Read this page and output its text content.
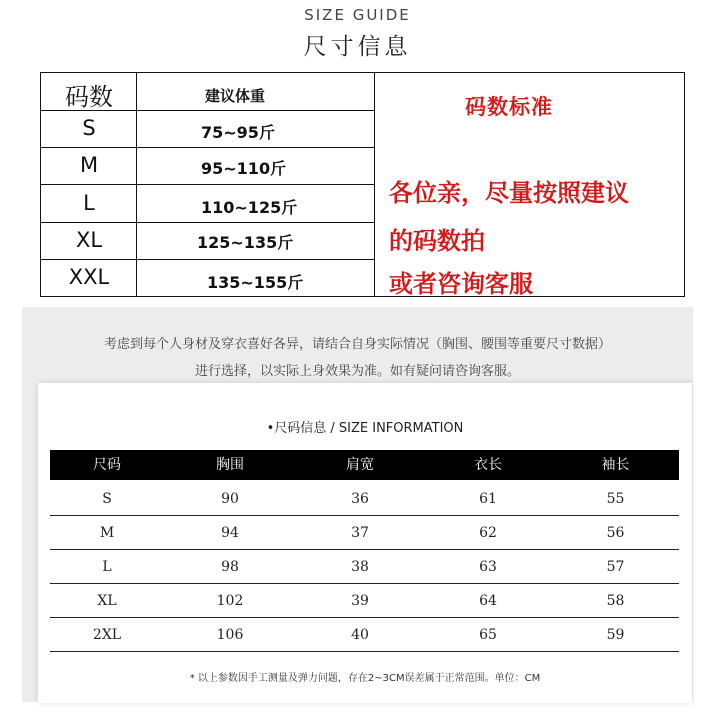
SIZE GUIDE
尺寸信息
码数	建议体重
S	75~95斤
M	95~110斤
L	110~125斤
XL	125~135斤
XXL	135~155斤
码数标准
各位亲，尽量按照建议
的码数拍
或者咨询客服
考虑到每个人身材及穿衣喜好各异，请结合自身实际情况（胸围、腰围等重要尺寸数据）
进行选择，以实际上身效果为准。如有疑问请咨询客服。
•尺码信息 / SIZE INFORMATION
尺码	胸围	肩宽	衣长	袖长
S	90	36	61	55
M	94	37	62	56
L	98	38	63	57
XL	102	39	64	58
2XL	106	40	65	59
* 以上参数因手工测量及弹力问题，存在2~3CM误差属于正常范围。单位：CM
